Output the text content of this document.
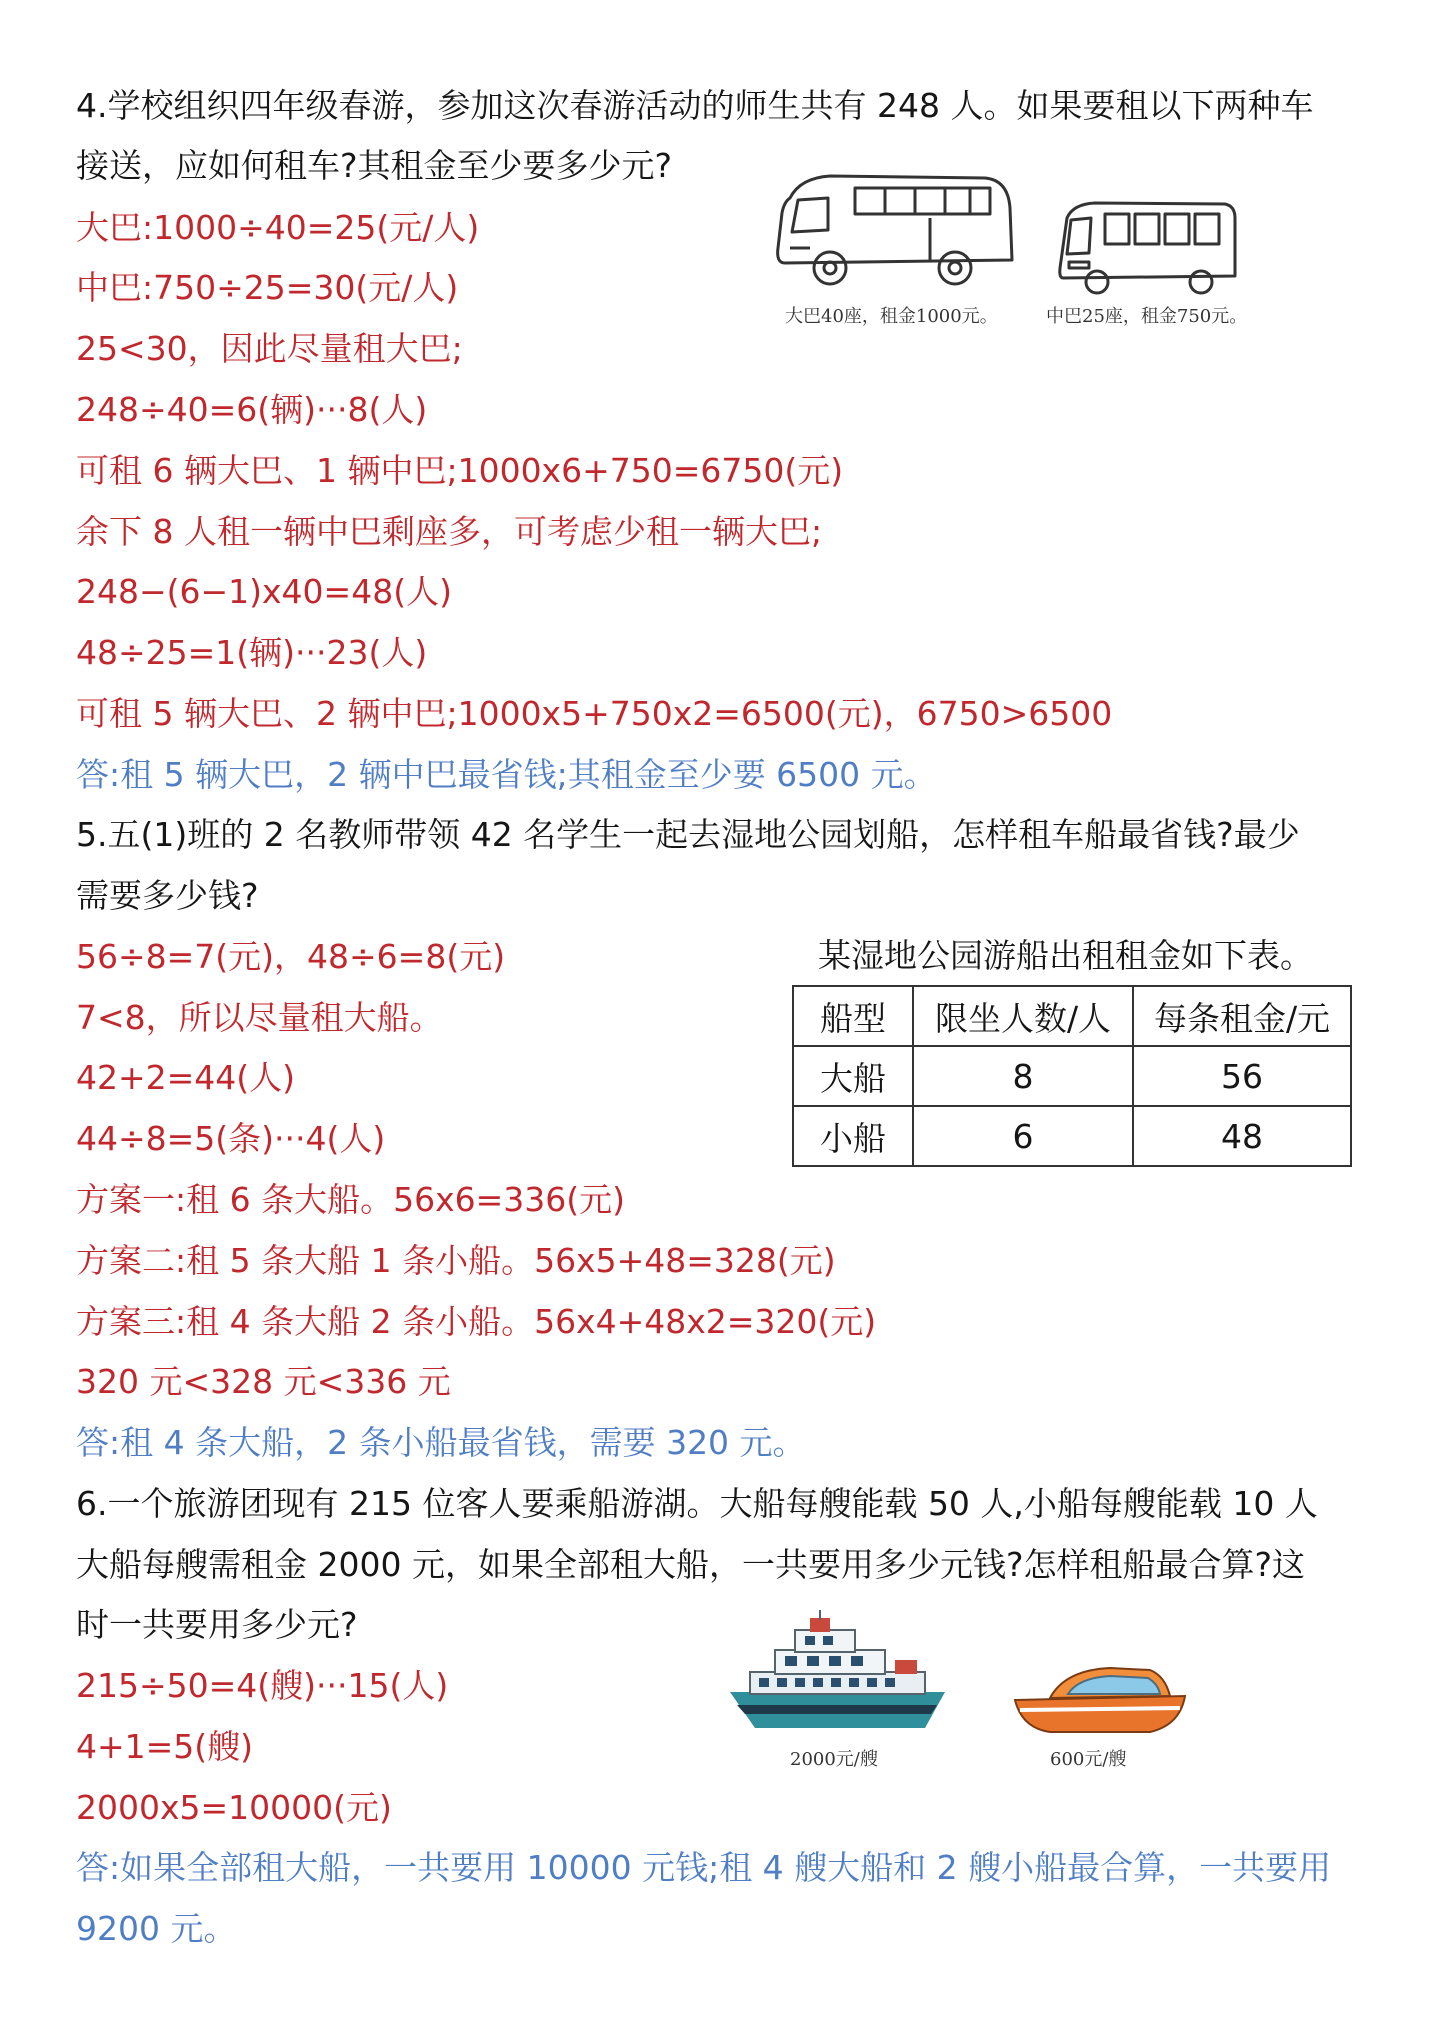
4.学校组织四年级春游，参加这次春游活动的师生共有 248 人。如果要租以下两种车

接送，应如何租车?其租金至少要多少元?

大巴40座，租金1000元。	中巴25座，租金750元。

大巴:1000÷40=25(元/人)

中巴:750÷25=30(元/人)

25<30，因此尽量租大巴;

248÷40=6(辆)···8(人)

可租 6 辆大巴、1 辆中巴;1000x6+750=6750(元)

余下 8 人租一辆中巴剩座多，可考虑少租一辆大巴;

248−(6−1)x40=48(人)

48÷25=1(辆)···23(人)

可租 5 辆大巴、2 辆中巴;1000x5+750x2=6500(元)，6750>6500

答:租 5 辆大巴，2 辆中巴最省钱;其租金至少要 6500 元。

5.五(1)班的 2 名教师带领 42 名学生一起去湿地公园划船，怎样租车船最省钱?最少

需要多少钱?

某湿地公园游船出租租金如下表。
船型	限坐人数/人	每条租金/元
大船	8	56
小船	6	48

56÷8=7(元)，48÷6=8(元)

7<8，所以尽量租大船。

42+2=44(人)

44÷8=5(条)···4(人)

方案一:租 6 条大船。56x6=336(元)

方案二:租 5 条大船 1 条小船。56x5+48=328(元)

方案三:租 4 条大船 2 条小船。56x4+48x2=320(元)

320 元<328 元<336 元

答:租 4 条大船，2 条小船最省钱，需要 320 元。

6.一个旅游团现有 215 位客人要乘船游湖。大船每艘能载 50 人,小船每艘能载 10 人

大船每艘需租金 2000 元，如果全部租大船，一共要用多少元钱?怎样租船最合算?这

时一共要用多少元?

2000元/艘	600元/艘

215÷50=4(艘)···15(人)

4+1=5(艘)

2000x5=10000(元)

答:如果全部租大船，一共要用 10000 元钱;租 4 艘大船和 2 艘小船最合算，一共要用

9200 元。
